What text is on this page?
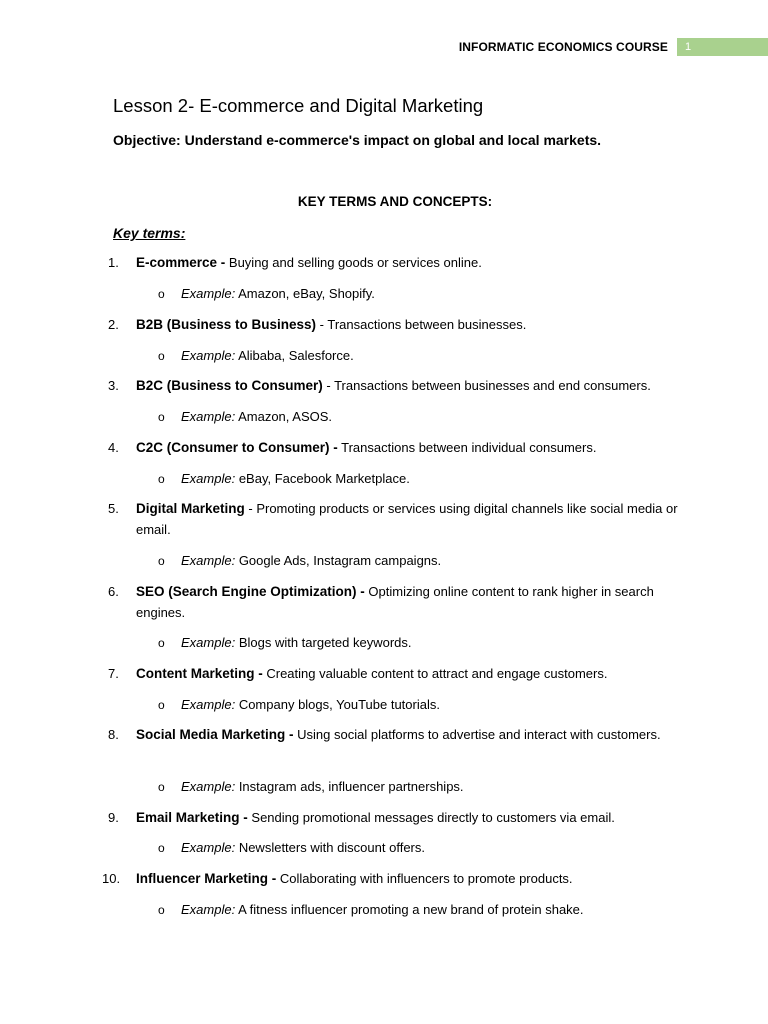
INFORMATIC ECONOMICS COURSE	1
Lesson 2- E-commerce and Digital Marketing

Objective: Understand e-commerce's impact on global and local markets.

KEY TERMS AND CONCEPTS:

Key terms:

1.	E-commerce - Buying and selling goods or services online.
o Example: Amazon, eBay, Shopify.
2.	B2B (Business to Business) - Transactions between businesses.
o Example: Alibaba, Salesforce.
3.	B2C (Business to Consumer) - Transactions between businesses and end consumers.
o Example: Amazon, ASOS.
4.	C2C (Consumer to Consumer) - Transactions between individual consumers.
o Example: eBay, Facebook Marketplace.
5.	Digital Marketing - Promoting products or services using digital channels like social media or email.
o Example: Google Ads, Instagram campaigns.
6.	SEO (Search Engine Optimization) - Optimizing online content to rank higher in search engines.
o Example: Blogs with targeted keywords.
7.	Content Marketing - Creating valuable content to attract and engage customers.
o Example: Company blogs, YouTube tutorials.
8.	Social Media Marketing - Using social platforms to advertise and interact with customers.
o Example: Instagram ads, influencer partnerships.
9.	Email Marketing - Sending promotional messages directly to customers via email.
o Example: Newsletters with discount offers.
10.	Influencer Marketing - Collaborating with influencers to promote products.
o Example: A fitness influencer promoting a new brand of protein shake.
